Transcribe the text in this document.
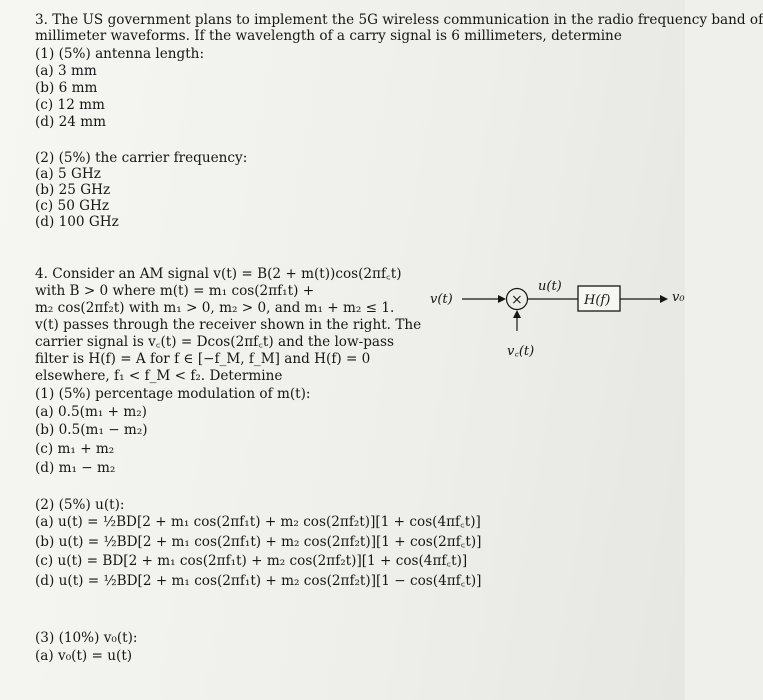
3. The US government plans to implement the 5G wireless communication in the radio frequency band of

millimeter waveforms. If the wavelength of a carry signal is 6 millimeters, determine

(1) (5%) antenna length:

(a) 3 mm

(b) 6 mm

(c) 12 mm

(d) 24 mm

(2) (5%) the carrier frequency:

(a) 5 GHz

(b) 25 GHz

(c) 50 GHz

(d) 100 GHz

4. Consider an AM signal v(t) = B(2 + m(t))cos(2πf꜀t)

with B > 0 where m(t) = m₁ cos(2πf₁t) +

m₂ cos(2πf₂t) with m₁ > 0, m₂ > 0, and m₁ + m₂ ≤ 1.

v(t) passes through the receiver shown in the right. The

carrier signal is v꜀(t) = Dcos(2πf꜀t) and the low-pass

filter is H(f) = A for f ∈ [−f_M, f_M] and H(f) = 0

elsewhere, f₁ < f_M < f₂. Determine

(1) (5%) percentage modulation of m(t):

(a) 0.5(m₁ + m₂)

(b) 0.5(m₁ − m₂)

(c) m₁ + m₂

(d) m₁ − m₂

(2) (5%) u(t):

(a) u(t) = ½BD[2 + m₁ cos(2πf₁t) + m₂ cos(2πf₂t)][1 + cos(4πf꜀t)]

(b) u(t) = ½BD[2 + m₁ cos(2πf₁t) + m₂ cos(2πf₂t)][1 + cos(2πf꜀t)]

(c) u(t) = BD[2 + m₁ cos(2πf₁t) + m₂ cos(2πf₂t)][1 + cos(4πf꜀t)]

(d) u(t) = ½BD[2 + m₁ cos(2πf₁t) + m₂ cos(2πf₂t)][1 − cos(4πf꜀t)]

(3) (10%) v₀(t):

(a) v₀(t) = u(t)

v(t)	×
u(t)
H(f)	v₀
v꜀(t)
